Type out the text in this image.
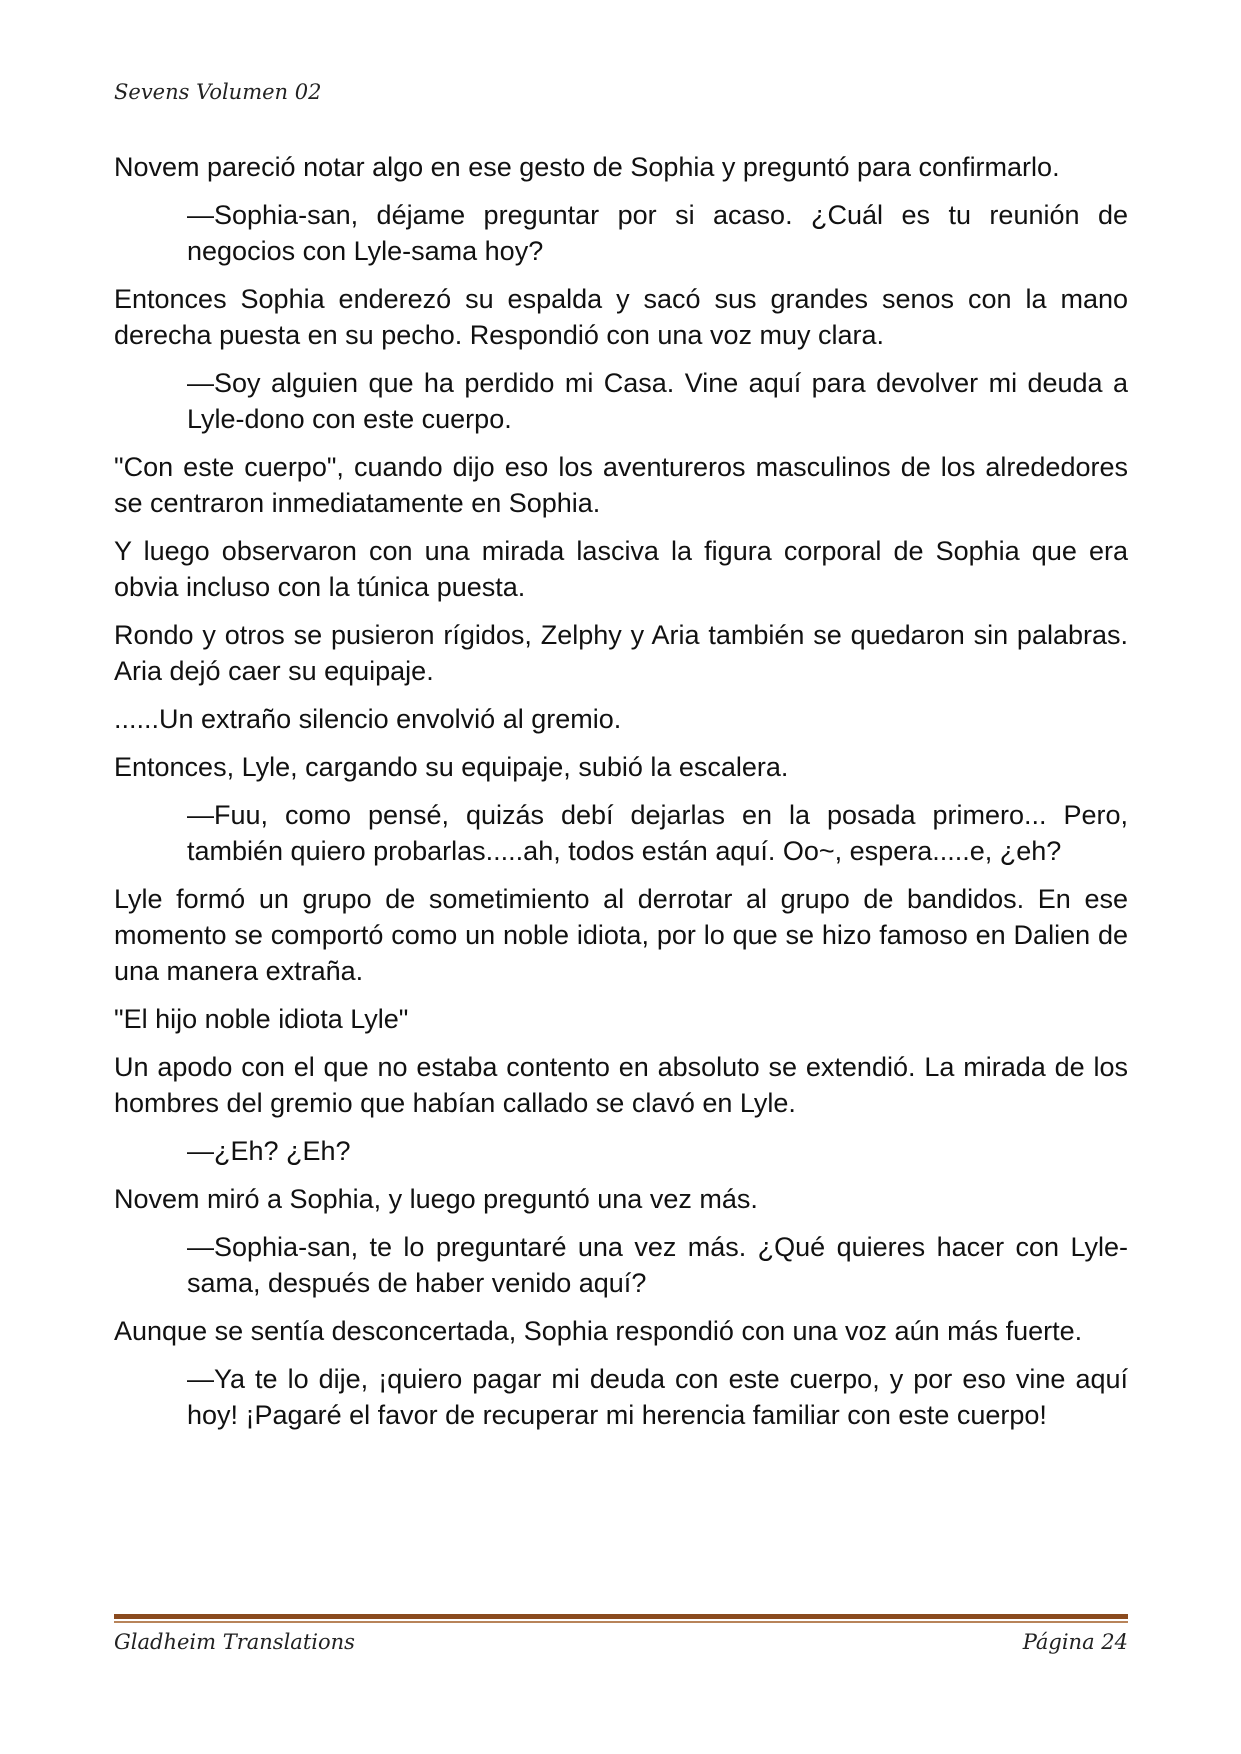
Sevens Volumen 02

Novem pareció notar algo en ese gesto de Sophia y preguntó para confirmarlo.

—Sophia-san, déjame preguntar por si acaso. ¿Cuál es tu reunión de negocios con Lyle-sama hoy?

Entonces Sophia enderezó su espalda y sacó sus grandes senos con la mano derecha puesta en su pecho. Respondió con una voz muy clara.

—Soy alguien que ha perdido mi Casa. Vine aquí para devolver mi deuda a Lyle-dono con este cuerpo.

"Con este cuerpo", cuando dijo eso los aventureros masculinos de los alrededores se centraron inmediatamente en Sophia.

Y luego observaron con una mirada lasciva la figura corporal de Sophia que era obvia incluso con la túnica puesta.

Rondo y otros se pusieron rígidos, Zelphy y Aria también se quedaron sin palabras. Aria dejó caer su equipaje.

......Un extraño silencio envolvió al gremio.

Entonces, Lyle, cargando su equipaje, subió la escalera.

—Fuu, como pensé, quizás debí dejarlas en la posada primero... Pero, también quiero probarlas.....ah, todos están aquí. Oo~, espera.....e, ¿eh?

Lyle formó un grupo de sometimiento al derrotar al grupo de bandidos. En ese momento se comportó como un noble idiota, por lo que se hizo famoso en Dalien de una manera extraña.

"El hijo noble idiota Lyle"

Un apodo con el que no estaba contento en absoluto se extendió. La mirada de los hombres del gremio que habían callado se clavó en Lyle.

—¿Eh? ¿Eh?

Novem miró a Sophia, y luego preguntó una vez más.

—Sophia-san, te lo preguntaré una vez más. ¿Qué quieres hacer con Lyle-sama, después de haber venido aquí?

Aunque se sentía desconcertada, Sophia respondió con una voz aún más fuerte.

—Ya te lo dije, ¡quiero pagar mi deuda con este cuerpo, y por eso vine aquí hoy! ¡Pagaré el favor de recuperar mi herencia familiar con este cuerpo!

Gladheim Translations	Página 24
